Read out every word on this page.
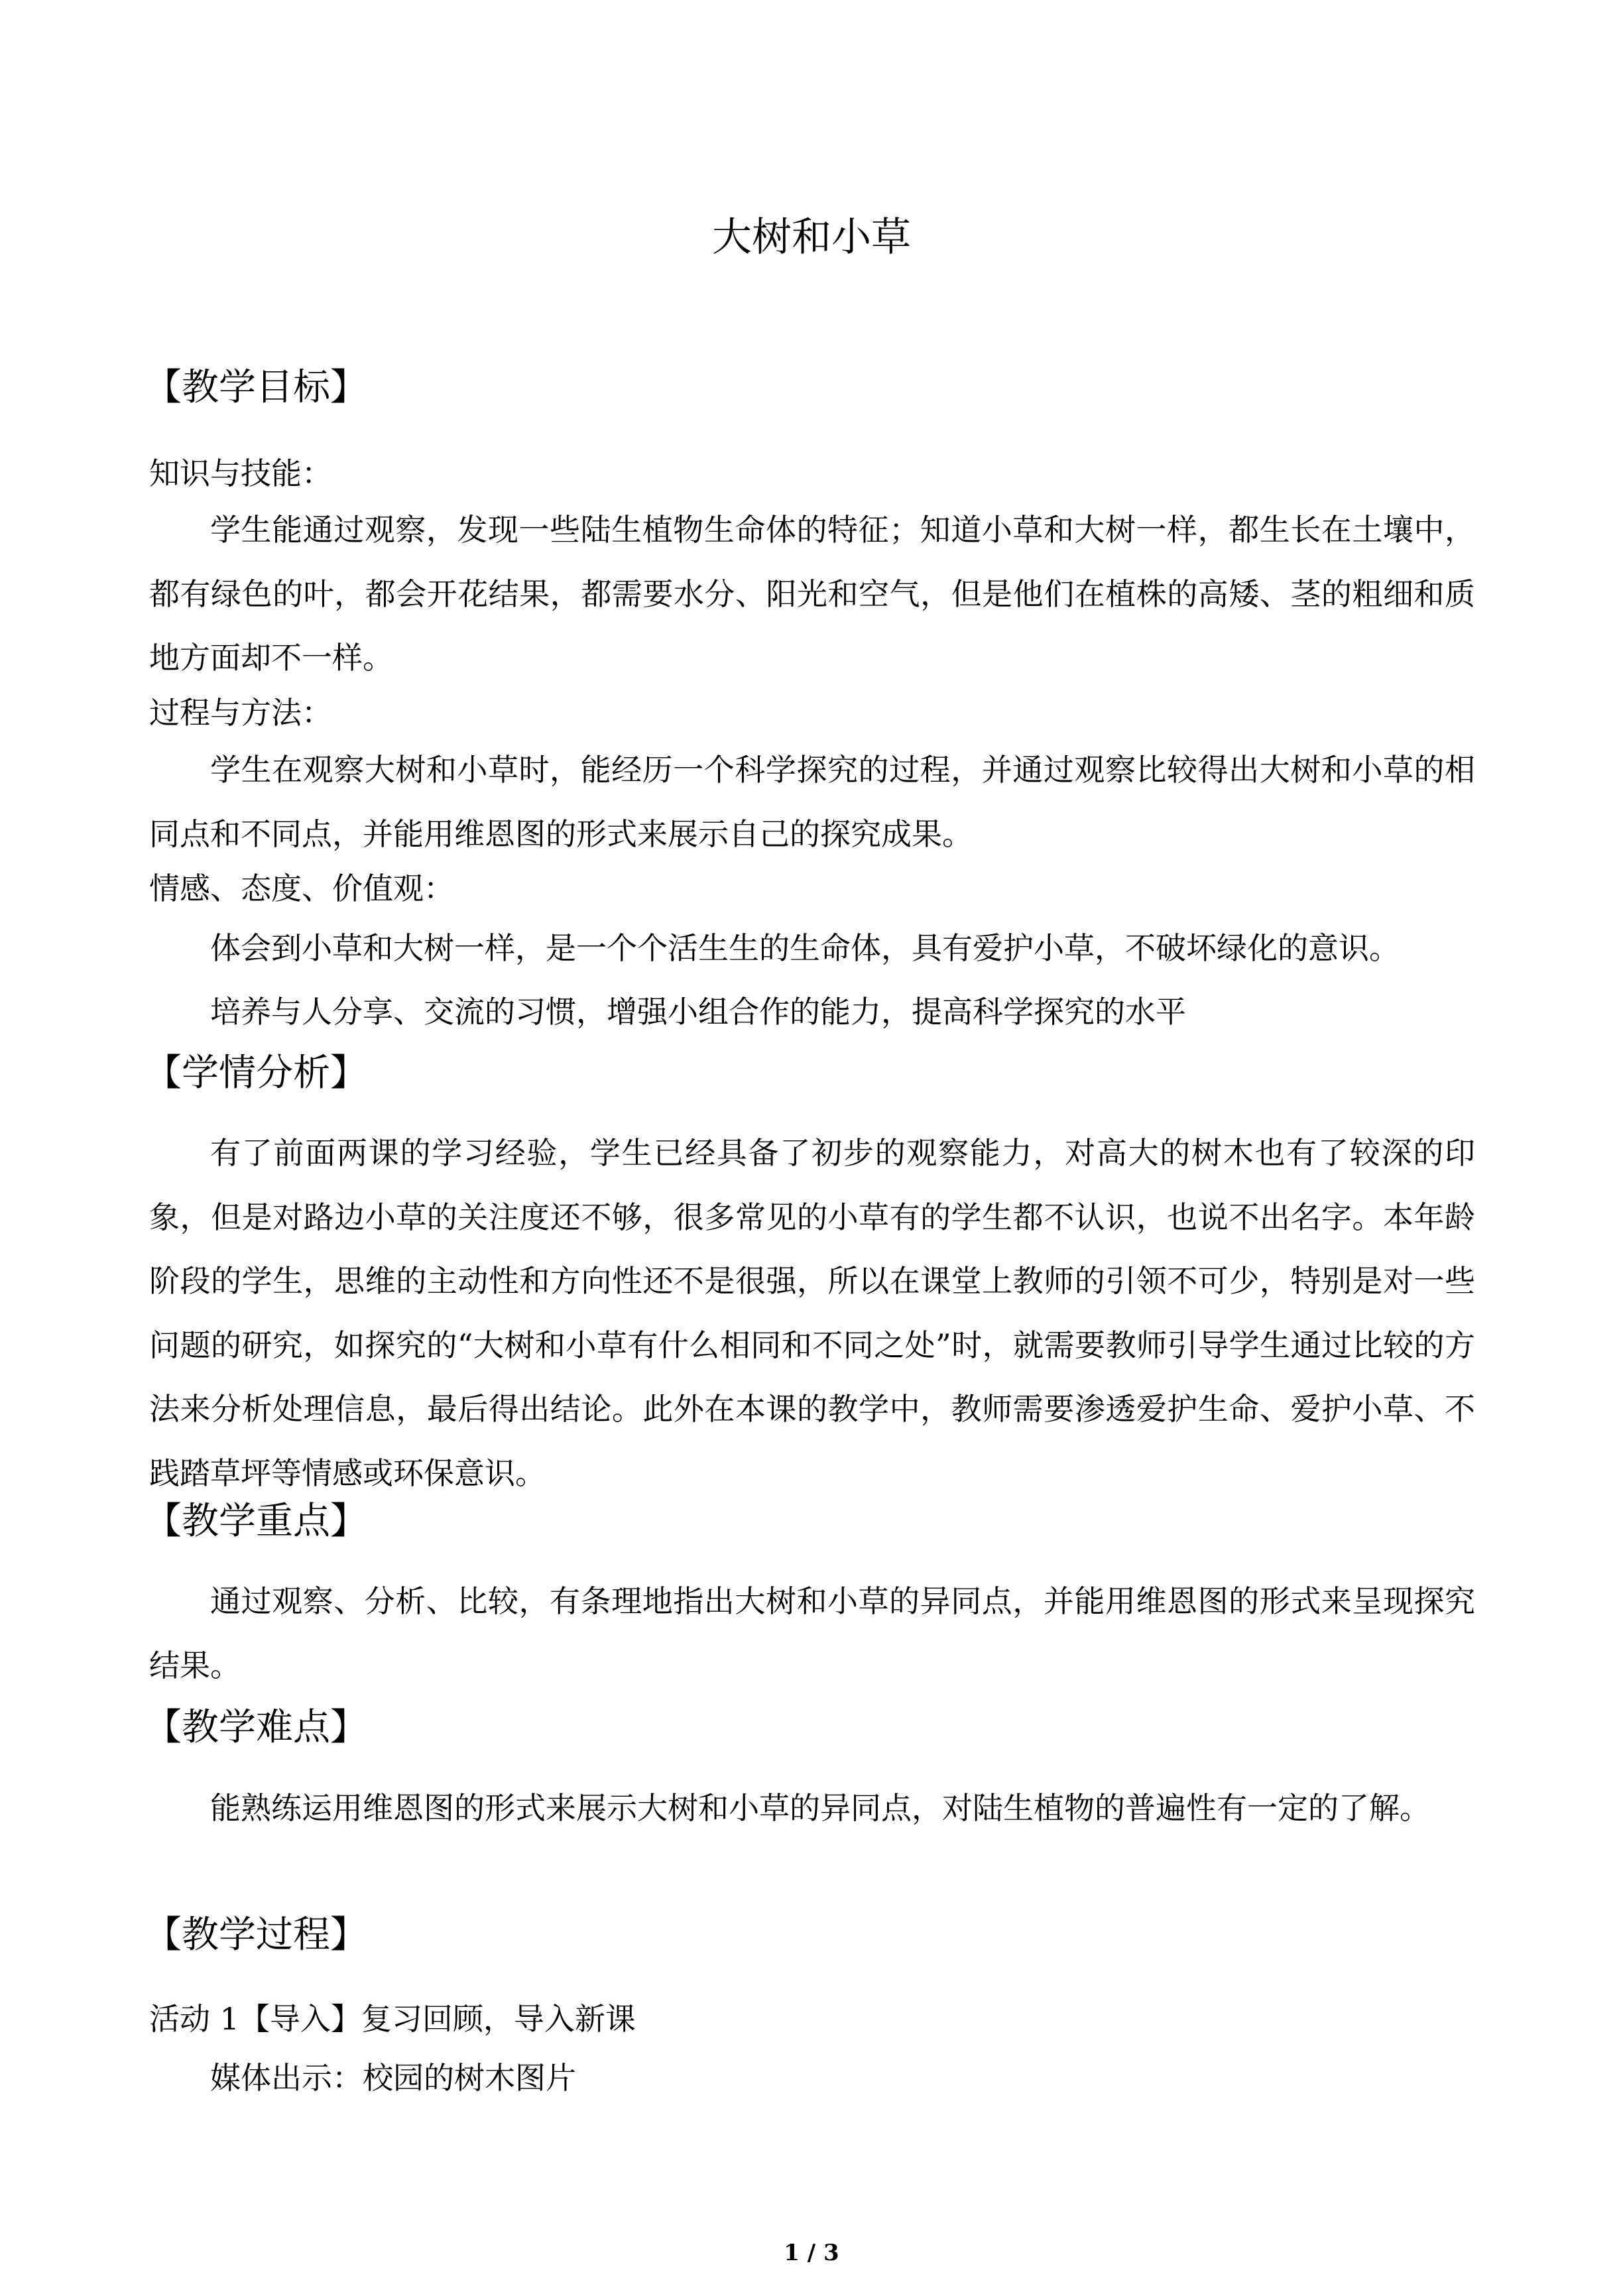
大树和小草
【教学目标】
知识与技能：

学生能通过观察，发现一些陆生植物生命体的特征；知道小草和大树一样，都生长在土壤中，都有绿色的叶，都会开花结果，都需要水分、阳光和空气，但是他们在植株的高矮、茎的粗细和质地方面却不一样。

过程与方法：

学生在观察大树和小草时，能经历一个科学探究的过程，并通过观察比较得出大树和小草的相同点和不同点，并能用维恩图的形式来展示自己的探究成果。

情感、态度、价值观：
体会到小草和大树一样，是一个个活生生的生命体，具有爱护小草，不破坏绿化的意识。
培养与人分享、交流的习惯，增强小组合作的能力，提高科学探究的水平
【学情分析】

有了前面两课的学习经验，学生已经具备了初步的观察能力，对高大的树木也有了较深的印象，但是对路边小草的关注度还不够，很多常见的小草有的学生都不认识，也说不出名字。本年龄阶段的学生，思维的主动性和方向性还不是很强，所以在课堂上教师的引领不可少，特别是对一些问题的研究，如探究的“大树和小草有什么相同和不同之处”时，就需要教师引导学生通过比较的方法来分析处理信息，最后得出结论。此外在本课的教学中，教师需要渗透爱护生命、爱护小草、不践踏草坪等情感或环保意识。

【教学重点】

通过观察、分析、比较，有条理地指出大树和小草的异同点，并能用维恩图的形式来呈现探究结果。

【教学难点】

能熟练运用维恩图的形式来展示大树和小草的异同点，对陆生植物的普遍性有一定的了解。

【教学过程】
活动 1【导入】复习回顾，导入新课
媒体出示：校园的树木图片
1 / 3
